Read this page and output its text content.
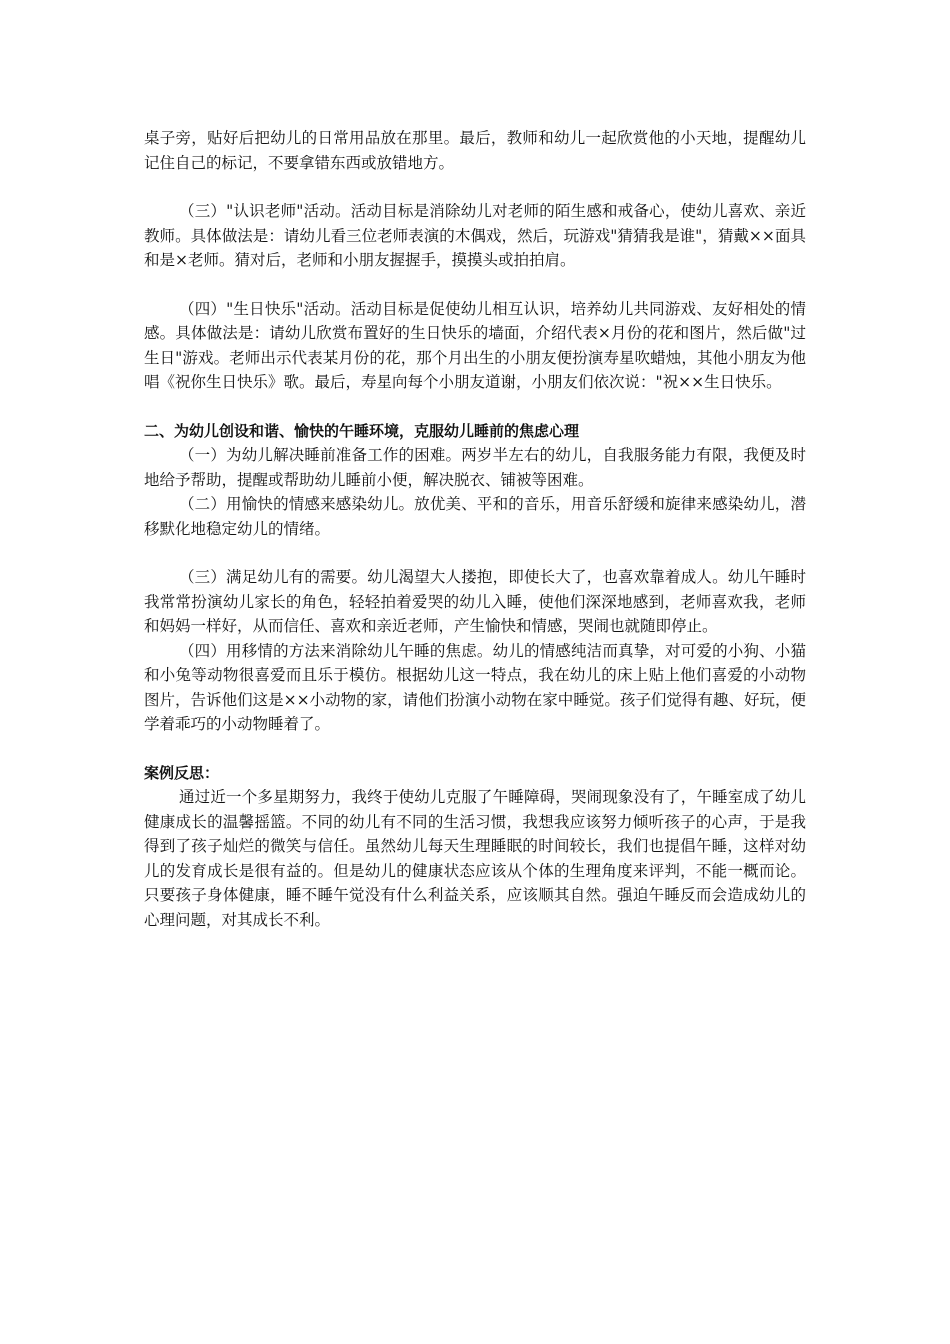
桌子旁，贴好后把幼儿的日常用品放在那里。最后，教师和幼儿一起欣赏他的小天地，提醒幼儿记住自己的标记，不要拿错东西或放错地方。

（三）"认识老师"活动。活动目标是消除幼儿对老师的陌生感和戒备心，使幼儿喜欢、亲近教师。具体做法是：请幼儿看三位老师表演的木偶戏，然后，玩游戏"猜猜我是谁"，猜戴××面具和是×老师。猜对后，老师和小朋友握握手，摸摸头或拍拍肩。

（四）"生日快乐"活动。活动目标是促使幼儿相互认识，培养幼儿共同游戏、友好相处的情感。具体做法是：请幼儿欣赏布置好的生日快乐的墙面，介绍代表×月份的花和图片，然后做"过生日"游戏。老师出示代表某月份的花，那个月出生的小朋友便扮演寿星吹蜡烛，其他小朋友为他唱《祝你生日快乐》歌。最后，寿星向每个小朋友道谢，小朋友们依次说："祝××生日快乐。

二、为幼儿创设和谐、愉快的午睡环境，克服幼儿睡前的焦虑心理

（一）为幼儿解决睡前准备工作的困难。两岁半左右的幼儿，自我服务能力有限，我便及时地给予帮助，提醒或帮助幼儿睡前小便，解决脱衣、铺被等困难。

（二）用愉快的情感来感染幼儿。放优美、平和的音乐，用音乐舒缓和旋律来感染幼儿，潜移默化地稳定幼儿的情绪。

（三）满足幼儿有的需要。幼儿渴望大人搂抱，即使长大了，也喜欢靠着成人。幼儿午睡时我常常扮演幼儿家长的角色，轻轻拍着爱哭的幼儿入睡，使他们深深地感到，老师喜欢我，老师和妈妈一样好，从而信任、喜欢和亲近老师，产生愉快和情感，哭闹也就随即停止。

（四）用移情的方法来消除幼儿午睡的焦虑。幼儿的情感纯洁而真挚，对可爱的小狗、小猫和小兔等动物很喜爱而且乐于模仿。根据幼儿这一特点，我在幼儿的床上贴上他们喜爱的小动物图片，告诉他们这是××小动物的家，请他们扮演小动物在家中睡觉。孩子们觉得有趣、好玩，便学着乖巧的小动物睡着了。

案例反思：

通过近一个多星期努力，我终于使幼儿克服了午睡障碍，哭闹现象没有了，午睡室成了幼儿健康成长的温馨摇篮。不同的幼儿有不同的生活习惯，我想我应该努力倾听孩子的心声，于是我得到了孩子灿烂的微笑与信任。虽然幼儿每天生理睡眠的时间较长，我们也提倡午睡，这样对幼儿的发育成长是很有益的。但是幼儿的健康状态应该从个体的生理角度来评判，不能一概而论。只要孩子身体健康，睡不睡午觉没有什么利益关系，应该顺其自然。强迫午睡反而会造成幼儿的心理问题，对其成长不利。
